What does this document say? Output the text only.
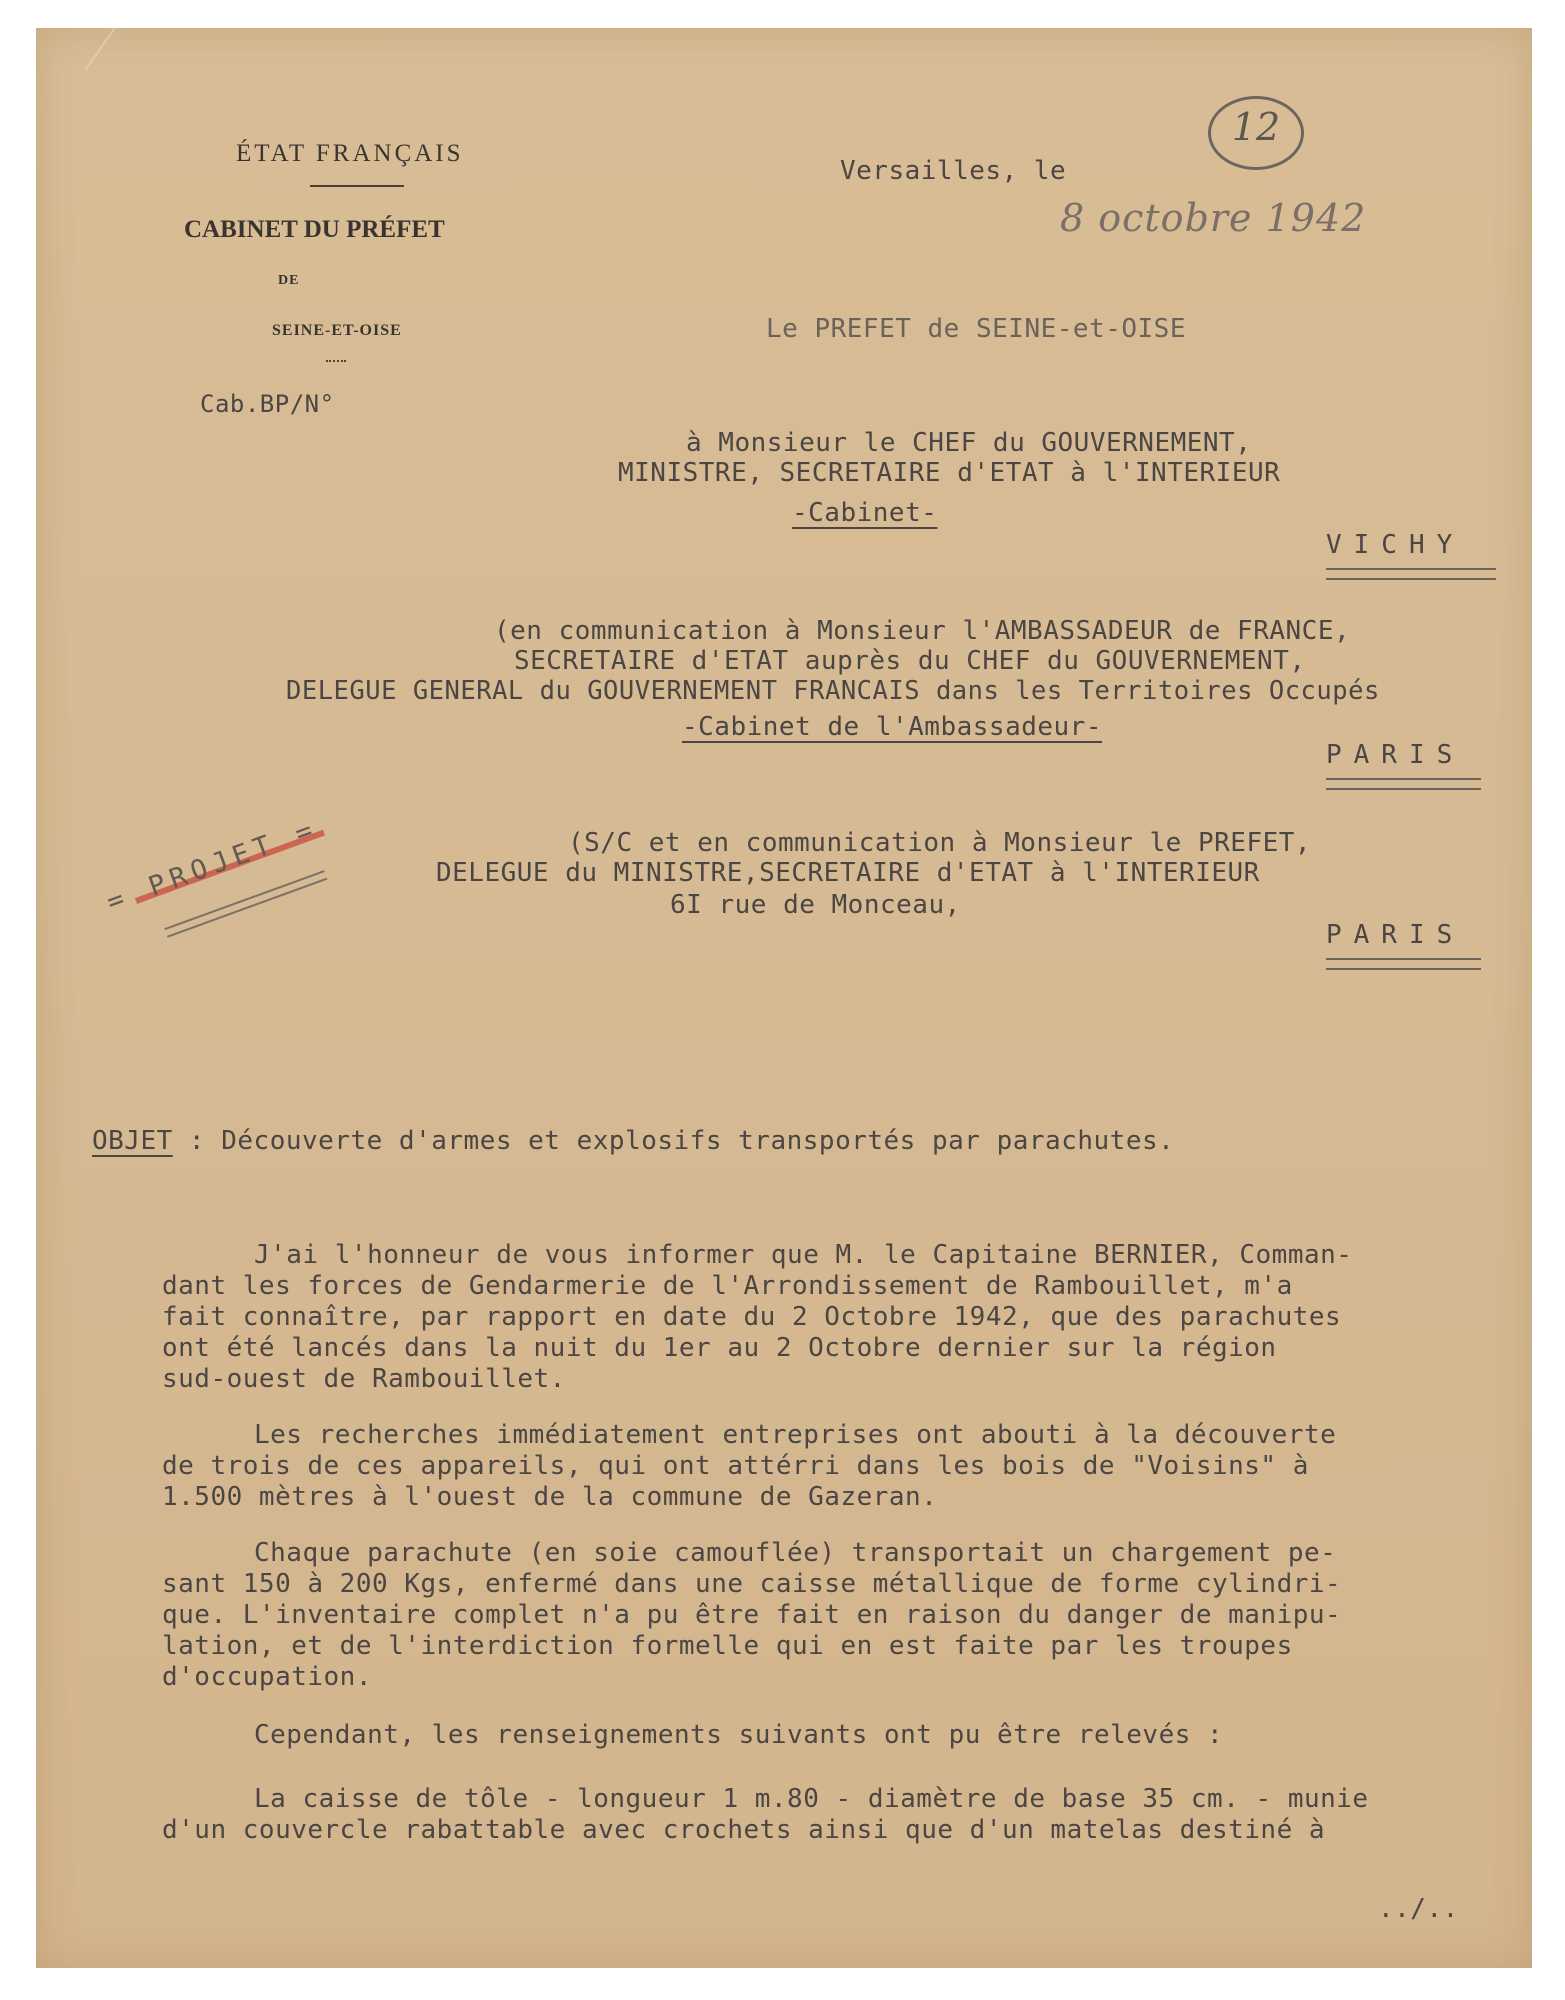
ÉTAT FRANÇAIS
CABINET DU PRÉFET
DE
SEINE-ET-OISE
Cab.BP/N°
12
Versailles, le
8 octobre 1942
Le PREFET de SEINE-et-OISE
à Monsieur le CHEF du GOUVERNEMENT,
MINISTRE, SECRETAIRE d'ETAT à l'INTERIEUR
-Cabinet-
VICHY
(en communication à Monsieur l'AMBASSADEUR de FRANCE,
SECRETAIRE d'ETAT auprès du CHEF du GOUVERNEMENT,
DELEGUE GENERAL du GOUVERNEMENT FRANCAIS dans les Territoires Occupés
-Cabinet de l'Ambassadeur-
PARIS
(S/C et en communication à Monsieur le PREFET,
DELEGUE du MINISTRE,SECRETAIRE d'ETAT à l'INTERIEUR
6I rue de Monceau,
PARIS
= PROJET =
OBJET : Découverte d'armes et explosifs transportés par parachutes.
J'ai l'honneur de vous informer que M. le Capitaine BERNIER, Comman-
dant les forces de Gendarmerie de l'Arrondissement de Rambouillet, m'a
fait connaître, par rapport en date du 2 Octobre 1942, que des parachutes
ont été lancés dans la nuit du 1er au 2 Octobre dernier sur la région
sud-ouest de Rambouillet.
Les recherches immédiatement entreprises ont abouti à la découverte
de trois de ces appareils, qui ont attérri dans les bois de "Voisins" à
1.500 mètres à l'ouest de la commune de Gazeran.
Chaque parachute (en soie camouflée) transportait un chargement pe-
sant 150 à 200 Kgs, enfermé dans une caisse métallique de forme cylindri-
que. L'inventaire complet n'a pu être fait en raison du danger de manipu-
lation, et de l'interdiction formelle qui en est faite par les troupes
d'occupation.
Cependant, les renseignements suivants ont pu être relevés :
La caisse de tôle - longueur 1 m.80 - diamètre de base 35 cm. - munie
d'un couvercle rabattable avec crochets ainsi que d'un matelas destiné à
../..
